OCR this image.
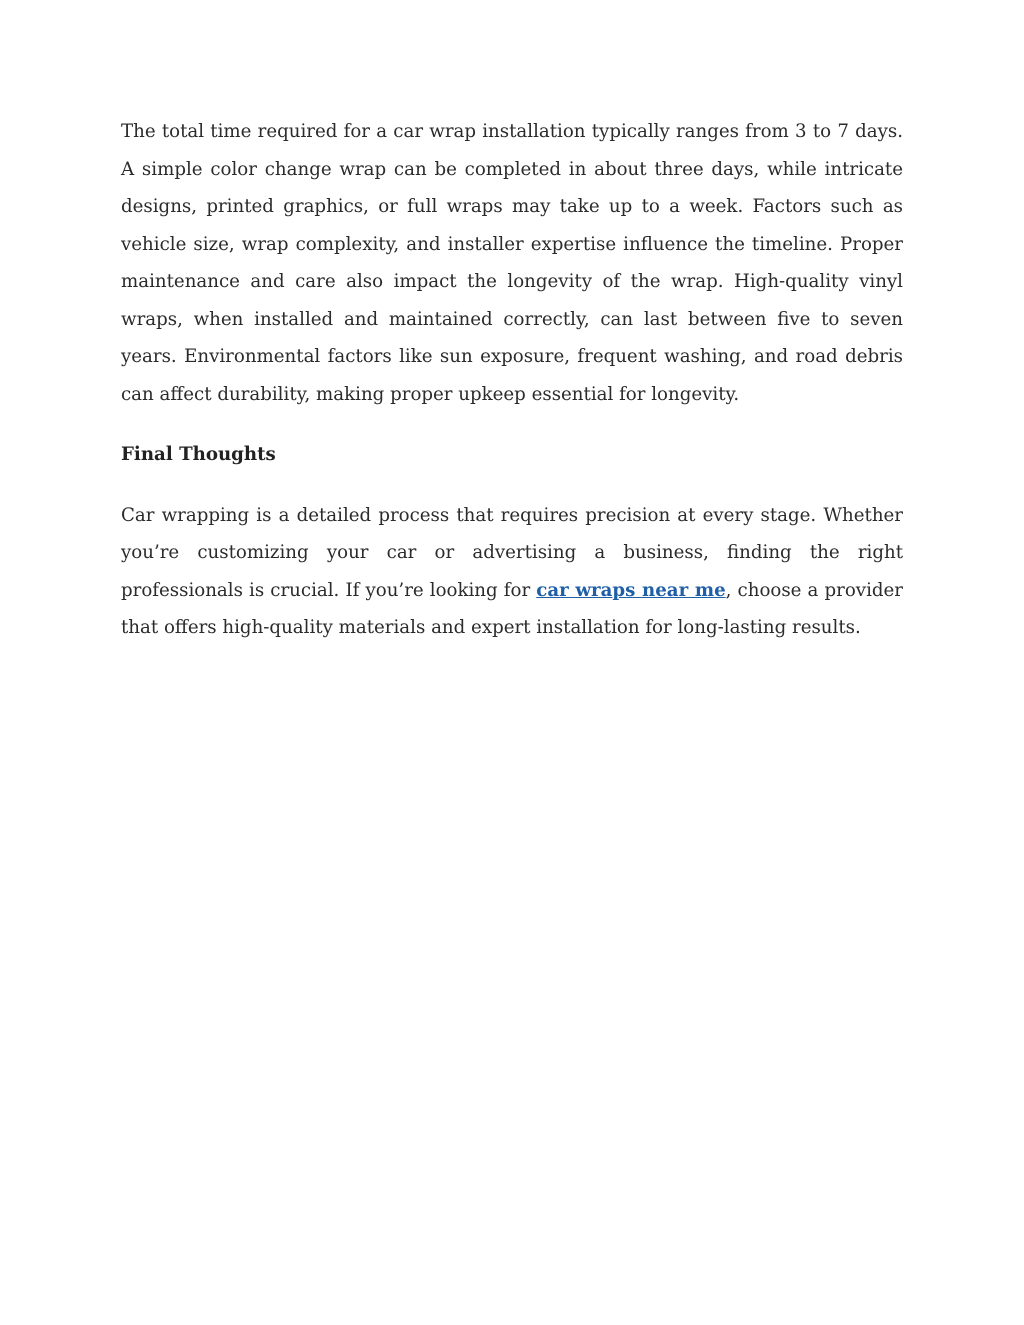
The total time required for a car wrap installation typically ranges from 3 to 7 days. A simple color change wrap can be completed in about three days, while intricate designs, printed graphics, or full wraps may take up to a week. Factors such as vehicle size, wrap complexity, and installer expertise influence the timeline. Proper maintenance and care also impact the longevity of the wrap. High-quality vinyl wraps, when installed and maintained correctly, can last between five to seven years. Environmental factors like sun exposure, frequent washing, and road debris can affect durability, making proper upkeep essential for longevity.

Final Thoughts

Car wrapping is a detailed process that requires precision at every stage. Whether you’re customizing your car or advertising a business, finding the right professionals is crucial. If you’re looking for car wraps near me, choose a provider that offers high-quality materials and expert installation for long-lasting results.
